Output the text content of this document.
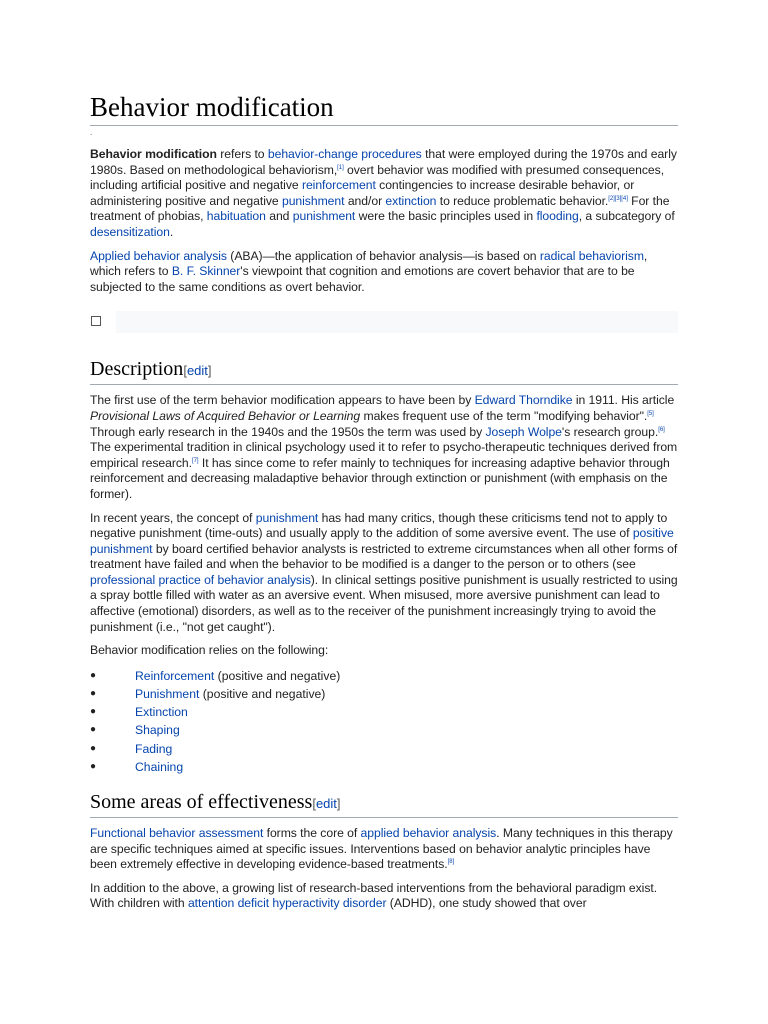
Behavior modification
.

Behavior modification refers to behavior-change procedures that were employed during the 1970s and early 1980s. Based on methodological behaviorism,[1] overt behavior was modified with presumed consequences, including artificial positive and negative reinforcement contingencies to increase desirable behavior, or administering positive and negative punishment and/or extinction to reduce problematic behavior.[2][3][4] For the treatment of phobias, habituation and punishment were the basic principles used in flooding, a subcategory of desensitization.

Applied behavior analysis (ABA)—the application of behavior analysis—is based on radical behaviorism, which refers to B. F. Skinner's viewpoint that cognition and emotions are covert behavior that are to be subjected to the same conditions as overt behavior.

Description[edit]

The first use of the term behavior modification appears to have been by Edward Thorndike in 1911. His article Provisional Laws of Acquired Behavior or Learning makes frequent use of the term "modifying behavior".[5] Through early research in the 1940s and the 1950s the term was used by Joseph Wolpe's research group.[6] The experimental tradition in clinical psychology used it to refer to psycho-therapeutic techniques derived from empirical research.[7] It has since come to refer mainly to techniques for increasing adaptive behavior through reinforcement and decreasing maladaptive behavior through extinction or punishment (with emphasis on the former).

In recent years, the concept of punishment has had many critics, though these criticisms tend not to apply to negative punishment (time-outs) and usually apply to the addition of some aversive event. The use of positive punishment by board certified behavior analysts is restricted to extreme circumstances when all other forms of treatment have failed and when the behavior to be modified is a danger to the person or to others (see professional practice of behavior analysis). In clinical settings positive punishment is usually restricted to using a spray bottle filled with water as an aversive event. When misused, more aversive punishment can lead to affective (emotional) disorders, as well as to the receiver of the punishment increasingly trying to avoid the punishment (i.e., "not get caught").

Behavior modification relies on the following:

●	Reinforcement (positive and negative)
●	Punishment (positive and negative)
●	Extinction
●	Shaping
●	Fading
●	Chaining
Some areas of effectiveness[edit]

Functional behavior assessment forms the core of applied behavior analysis. Many techniques in this therapy are specific techniques aimed at specific issues. Interventions based on behavior analytic principles have been extremely effective in developing evidence-based treatments.[8]

In addition to the above, a growing list of research-based interventions from the behavioral paradigm exist. With children with attention deficit hyperactivity disorder (ADHD), one study showed that over
